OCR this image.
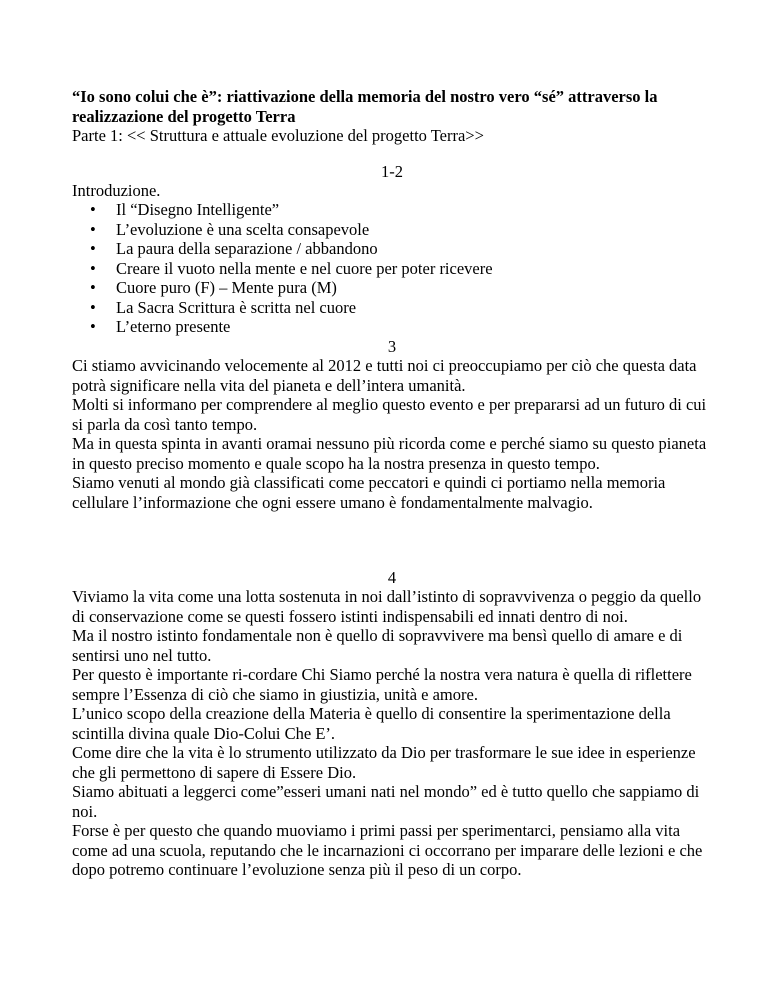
“Io sono colui che è”: riattivazione della memoria del nostro vero “sé” attraverso la realizzazione del progetto Terra
Parte 1: << Struttura e attuale evoluzione del progetto Terra>>
1-2
Introduzione.
• Il “Disegno Intelligente”
• L’evoluzione è una scelta consapevole
• La paura della separazione / abbandono
• Creare il vuoto nella mente e nel cuore per poter ricevere
• Cuore puro (F) – Mente pura (M)
• La Sacra Scrittura è scritta nel cuore
• L’eterno presente
3

Ci stiamo avvicinando velocemente al 2012 e tutti noi ci preoccupiamo per ciò che questa data potrà significare nella vita del pianeta e dell’intera umanità.

Molti si informano per comprendere al meglio questo evento e per prepararsi ad un futuro di cui si parla da così tanto tempo.

Ma in questa spinta in avanti oramai nessuno più ricorda come e perché siamo su questo pianeta in questo preciso momento e quale scopo ha la nostra presenza in questo tempo.

Siamo venuti al mondo già classificati come peccatori e quindi ci portiamo nella memoria cellulare l’informazione che ogni essere umano è fondamentalmente malvagio.

4

Viviamo la vita come una lotta sostenuta in noi dall’istinto di sopravvivenza o peggio da quello di conservazione come se questi fossero istinti indispensabili ed innati dentro di noi.

Ma il nostro istinto fondamentale non è quello di sopravvivere ma bensì quello di amare e di sentirsi uno nel tutto.

Per questo è importante ri-cordare Chi Siamo perché la nostra vera natura è quella di riflettere sempre l’Essenza di ciò che siamo in giustizia, unità e amore.

L’unico scopo della creazione della Materia è quello di consentire la sperimentazione della scintilla divina quale Dio-Colui Che E’.

Come dire che la vita è lo strumento utilizzato da Dio per trasformare le sue idee in esperienze che gli permettono di sapere di Essere Dio.

Siamo abituati a leggerci come”esseri umani nati nel mondo” ed è tutto quello che sappiamo di noi.

Forse è per questo che quando muoviamo i primi passi per sperimentarci, pensiamo alla vita come ad una scuola, reputando che le incarnazioni ci occorrano per imparare delle lezioni e che dopo potremo continuare l’evoluzione senza più il peso di un corpo.
